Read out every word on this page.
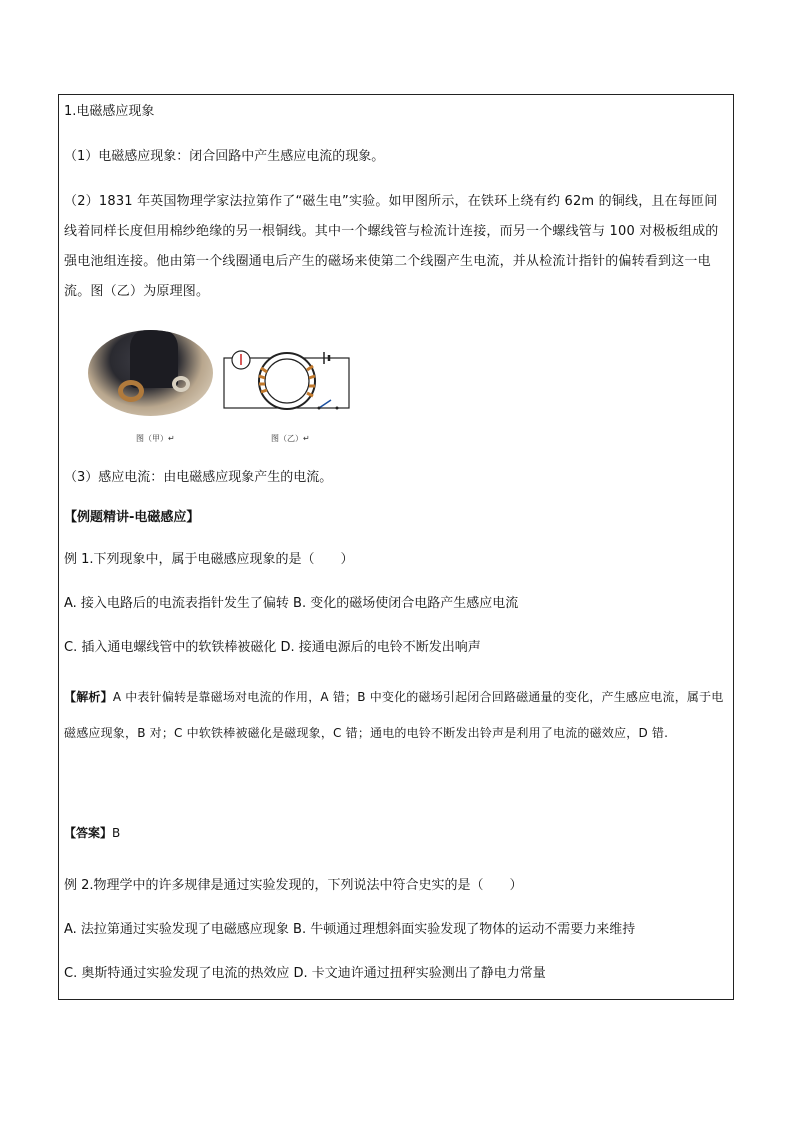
1.电磁感应现象
（1）电磁感应现象：闭合回路中产生感应电流的现象。
（2）1831 年英国物理学家法拉第作了“磁生电”实验。如甲图所示，在铁环上绕有约 62m 的铜线，且在每匝间线着同样长度但用棉纱绝缘的另一根铜线。其中一个螺线管与检流计连接，而另一个螺线管与 100 对极板组成的强电池组连接。他由第一个线圈通电后产生的磁场来使第二个线圈产生电流，并从检流计指针的偏转看到这一电流。图（乙）为原理图。
图（甲）↵	图（乙）↵
（3）感应电流：由电磁感应现象产生的电流。
【例题精讲-电磁感应】
例 1.下列现象中，属于电磁感应现象的是（　　）
A. 接入电路后的电流表指针发生了偏转 B. 变化的磁场使闭合电路产生感应电流
C. 插入通电螺线管中的软铁棒被磁化 D. 接通电源后的电铃不断发出响声
【解析】A 中表针偏转是靠磁场对电流的作用，A 错；B 中变化的磁场引起闭合回路磁通量的变化，产生感应电流，属于电磁感应现象，B 对；C 中软铁棒被磁化是磁现象，C 错；通电的电铃不断发出铃声是利用了电流的磁效应，D 错.
【答案】B
例 2.物理学中的许多规律是通过实验发现的，下列说法中符合史实的是（　　）
A. 法拉第通过实验发现了电磁感应现象 B. 牛顿通过理想斜面实验发现了物体的运动不需要力来维持
C. 奥斯特通过实验发现了电流的热效应 D. 卡文迪许通过扭秤实验测出了静电力常量
